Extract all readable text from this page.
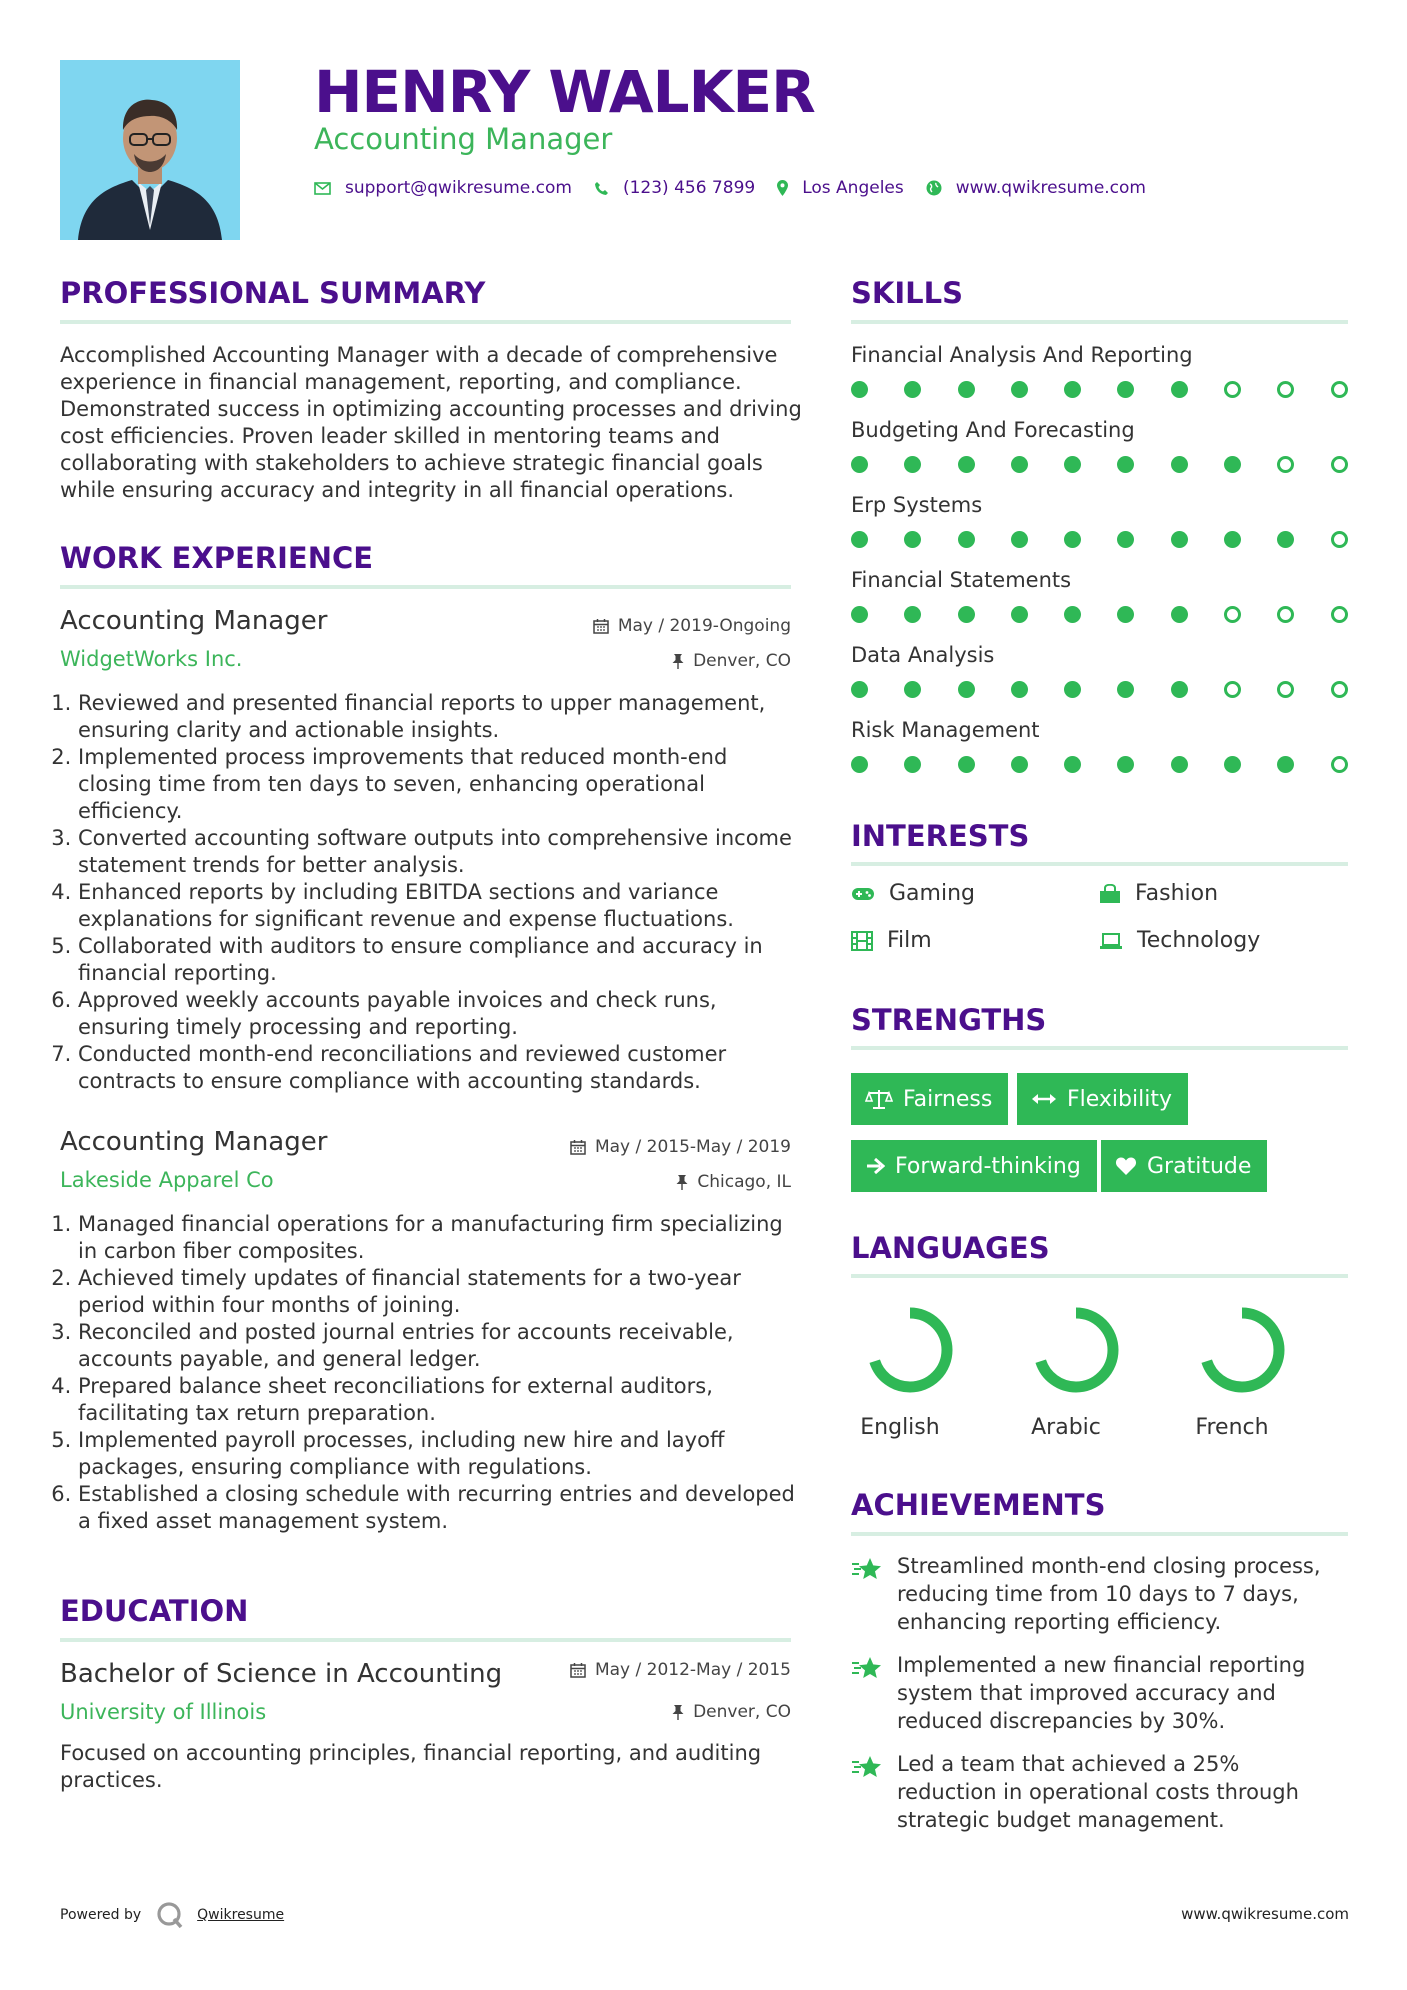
HENRY WALKER
Accounting Manager
support@qwikresume.com	(123) 456 7899	Los Angeles	www.qwikresume.com
PROFESSIONAL SUMMARY
Accomplished Accounting Manager with a decade of comprehensive experience in financial management, reporting, and compliance. Demonstrated success in optimizing accounting processes and driving cost efficiencies. Proven leader skilled in mentoring teams and collaborating with stakeholders to achieve strategic financial goals while ensuring accuracy and integrity in all financial operations.
WORK EXPERIENCE
Accounting Manager	May / 2019-Ongoing
WidgetWorks Inc.	Denver, CO
1. Reviewed and presented financial reports to upper management, ensuring clarity and actionable insights.
2. Implemented process improvements that reduced month-end closing time from ten days to seven, enhancing operational efficiency.
3. Converted accounting software outputs into comprehensive income statement trends for better analysis.
4. Enhanced reports by including EBITDA sections and variance explanations for significant revenue and expense fluctuations.
5. Collaborated with auditors to ensure compliance and accuracy in financial reporting.
6. Approved weekly accounts payable invoices and check runs, ensuring timely processing and reporting.
7. Conducted month-end reconciliations and reviewed customer contracts to ensure compliance with accounting standards.
Accounting Manager	May / 2015-May / 2019
Lakeside Apparel Co	Chicago, IL
1. Managed financial operations for a manufacturing firm specializing in carbon fiber composites.
2. Achieved timely updates of financial statements for a two-year period within four months of joining.
3. Reconciled and posted journal entries for accounts receivable, accounts payable, and general ledger.
4. Prepared balance sheet reconciliations for external auditors, facilitating tax return preparation.
5. Implemented payroll processes, including new hire and layoff packages, ensuring compliance with regulations.
6. Established a closing schedule with recurring entries and developed a fixed asset management system.
EDUCATION
Bachelor of Science in Accounting	May / 2012-May / 2015
University of Illinois	Denver, CO
Focused on accounting principles, financial reporting, and auditing practices.
SKILLS
Financial Analysis And Reporting
Budgeting And Forecasting
Erp Systems
Financial Statements
Data Analysis
Risk Management
INTERESTS
Gaming	Fashion
Film	Technology
STRENGTHS
Fairness	Flexibility
Forward-thinking	Gratitude
LANGUAGES
English	Arabic	French
ACHIEVEMENTS
Streamlined month-end closing process, reducing time from 10 days to 7 days, enhancing reporting efficiency.
Implemented a new financial reporting system that improved accuracy and reduced discrepancies by 30%.
Led a team that achieved a 25% reduction in operational costs through strategic budget management.
Powered by	Qwikresume	www.qwikresume.com
